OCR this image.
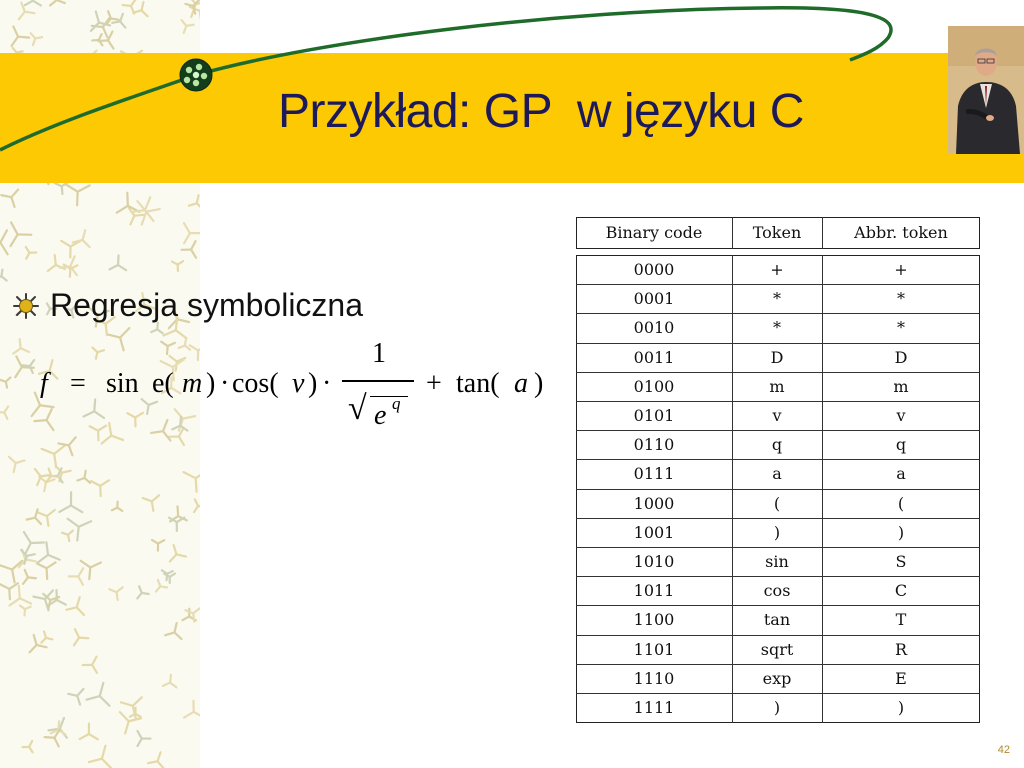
Przykład: GP  w języku C
Regresja symboliczna
f = sin e( m ) · cos( v ) ·
1
√ e q
+ tan( a )
Binary code	Token	Abbr. token
0000	+	+
0001	*	*
0010	*	*
0011	D	D
0100	m	m
0101	v	v
0110	q	q
0111	a	a
1000	(	(
1001	)	)
1010	sin	S
1011	cos	C
1100	tan	T
1101	sqrt	R
1110	exp	E
1111	)	)
42
